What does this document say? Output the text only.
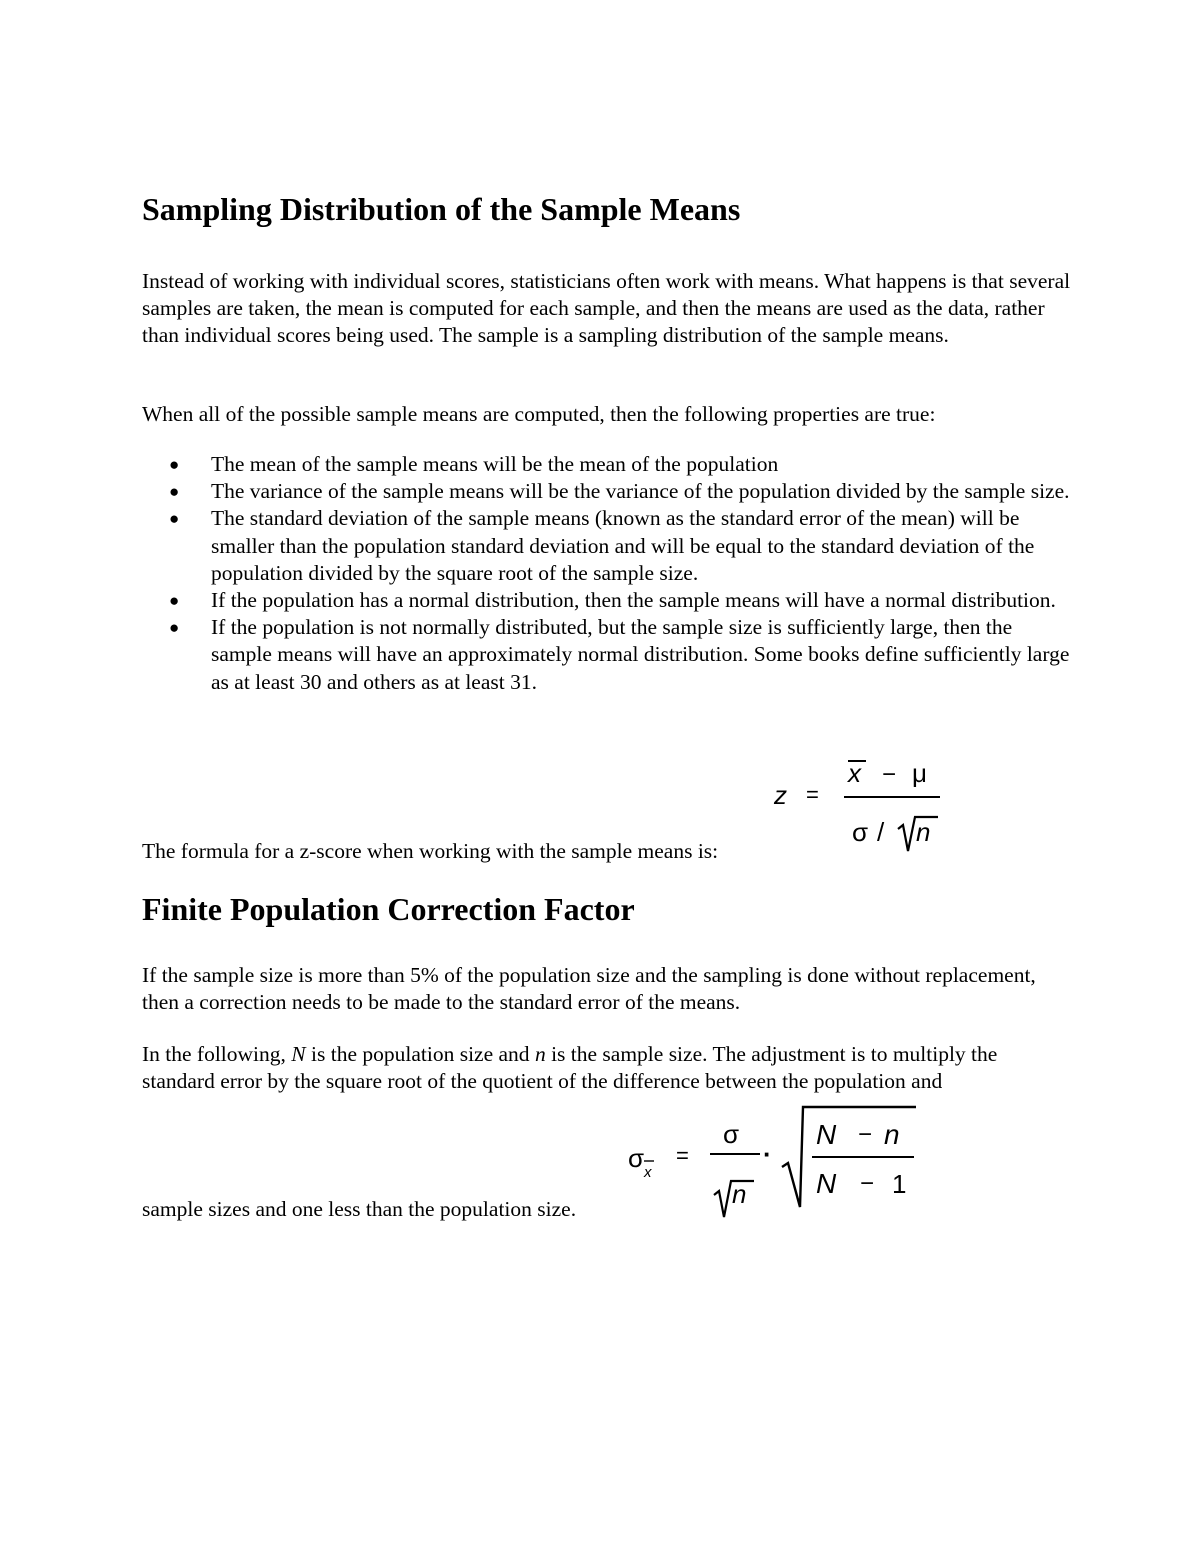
Sampling Distribution of the Sample Means

Instead of working with individual scores, statisticians often work with means. What happens is that several samples are taken, the mean is computed for each sample, and then the means are used as the data, rather than individual scores being used. The sample is a sampling distribution of the sample means.

When all of the possible sample means are computed, then the following properties are true:

● The mean of the sample means will be the mean of the population
● The variance of the sample means will be the variance of the population divided by the sample size.
● The standard deviation of the sample means (known as the standard error of the mean) will be smaller than the population standard deviation and will be equal to the standard deviation of the population divided by the square root of the sample size.
● If the population has a normal distribution, then the sample means will have a normal distribution.
● If the population is not normally distributed, but the sample size is sufficiently large, then the sample means will have an approximately normal distribution. Some books define sufficiently large as at least 30 and others as at least 31.
z =
x − μ
σ / n

The formula for a z-score when working with the sample means is:

Finite Population Correction Factor

If the sample size is more than 5% of the population size and the sampling is done without replacement, then a correction needs to be made to the standard error of the means.

In the following, N is the population size and n is the sample size. The adjustment is to multiply the standard error by the square root of the quotient of the difference between the population and

σ x
=
σ
n
·
N − n
N − 1

sample sizes and one less than the population size.
